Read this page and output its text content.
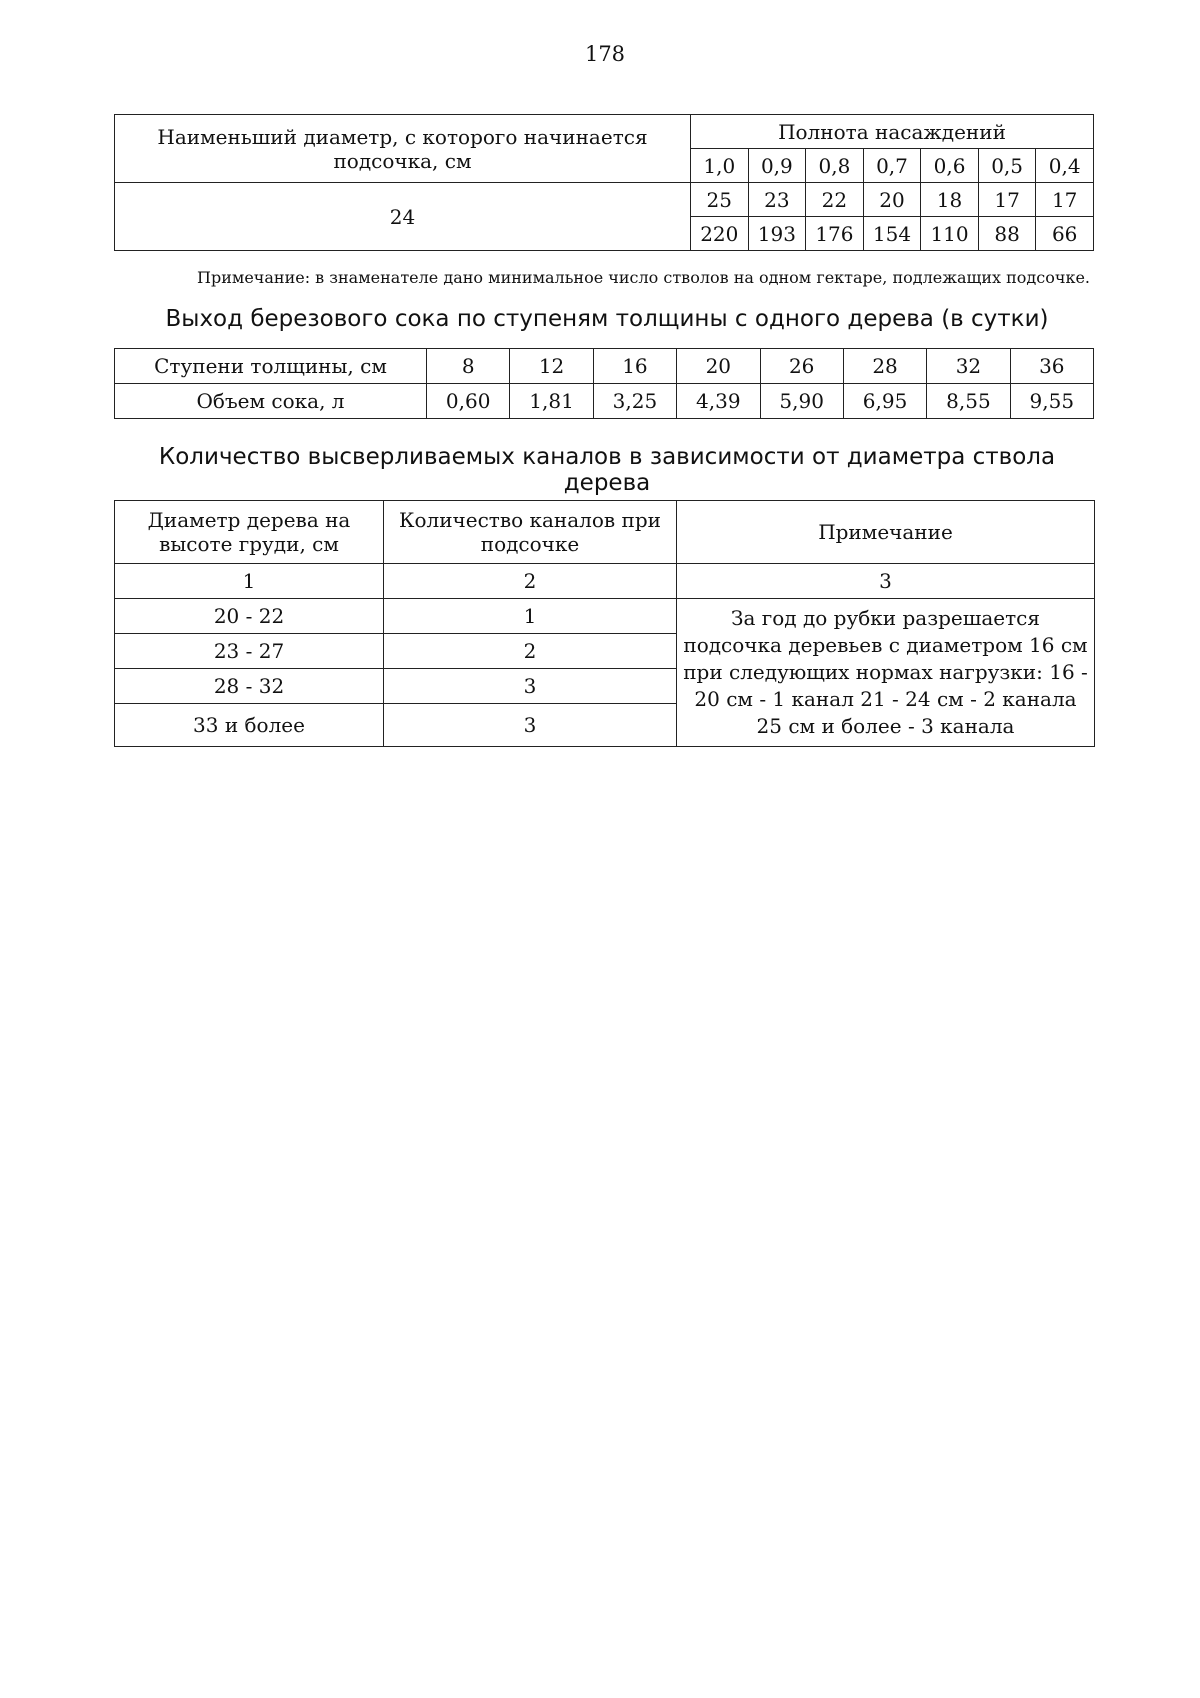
178
Наименьший диаметр, с которого начинается подсочка, см	Полнота насаждений						
	1,0	0,9	0,8	0,7	0,6	0,5	0,4
24	25	23	22	20	18	17	17
	220	193	176	154	110	88	66
Примечание: в знаменателе дано минимальное число стволов на одном гектаре, подлежащих подсочке.
Выход березового сока по ступеням толщины с одного дерева (в сутки)
Ступени толщины, см	8	12	16	20	26	28	32	36
Объем сока, л	0,60	1,81	3,25	4,39	5,90	6,95	8,55	9,55
Количество высверливаемых каналов в зависимости от диаметра ствола дерева
Диаметр дерева на высоте груди, см	Количество каналов при подсочке	Примечание
1	2	3
20 - 22	1	За год до рубки разрешается подсочка деревьев с диаметром 16 см при следующих нормах нагрузки: 16 - 20 см - 1 канал 21 - 24 см - 2 канала 25 см и более - 3 канала
23 - 27	2	
28 - 32	3	
33 и более	3	
